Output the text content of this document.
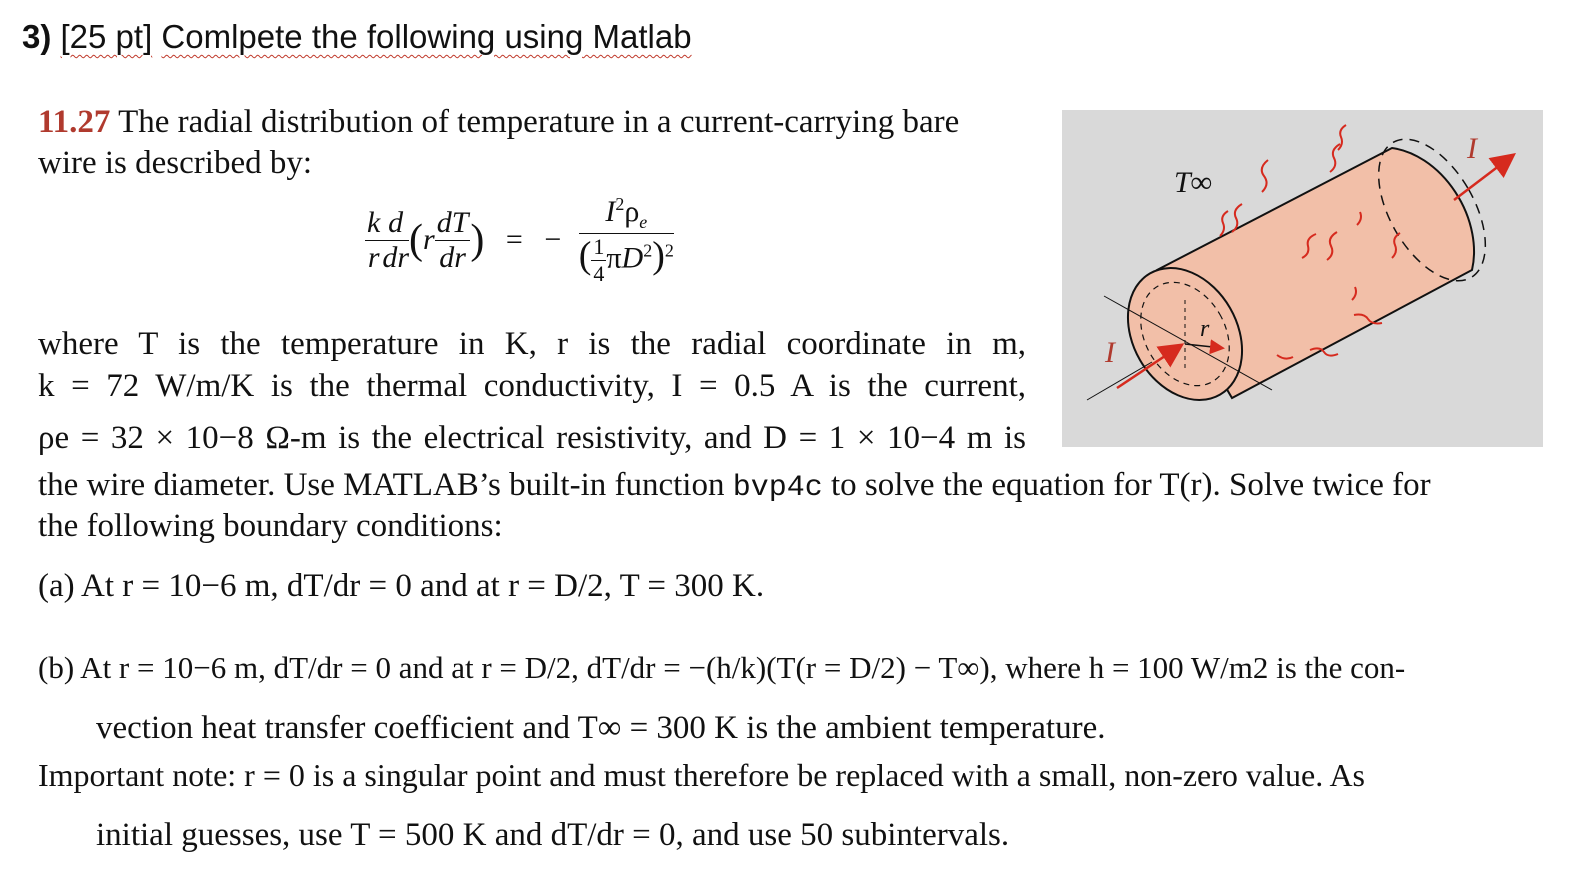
3) [25 pt] Comlpete the following using Matlab
11.27 The radial distribution of temperature in a current-carrying bare
wire is described by:
$\frac{k}{r} \frac{d}{dr} (r \frac{dT}{dr}$ ) = − $\frac{I^2\rho_e}{( \frac{1}{4} \pi D^2)^2}$
where T is the temperature in K, r is the radial coordinate in m,
k = 72 W/m/K is the thermal conductivity, I = 0.5 A is the current,
ρe = 32 × 10−8 Ω-m is the electrical resistivity, and D = 1 × 10−4 m is
the wire diameter. Use MATLAB’s built-in function bvp4c to solve the equation for T(r). Solve twice for
the following boundary conditions:
(a) At r = 10−6 m, dT/dr = 0 and at r = D/2, T = 300 K.
(b) At r = 10−6 m, dT/dr = 0 and at r = D/2, dT/dr = −(h/k)(T(r = D/2) − T∞), where h = 100 W/m2 is the con-
vection heat transfer coefficient and T∞ = 300 K is the ambient temperature.
Important note: r = 0 is a singular point and must therefore be replaced with a small, non-zero value. As
initial guesses, use T = 500 K and dT/dr = 0, and use 50 subintervals.
T∞
I
I
r
